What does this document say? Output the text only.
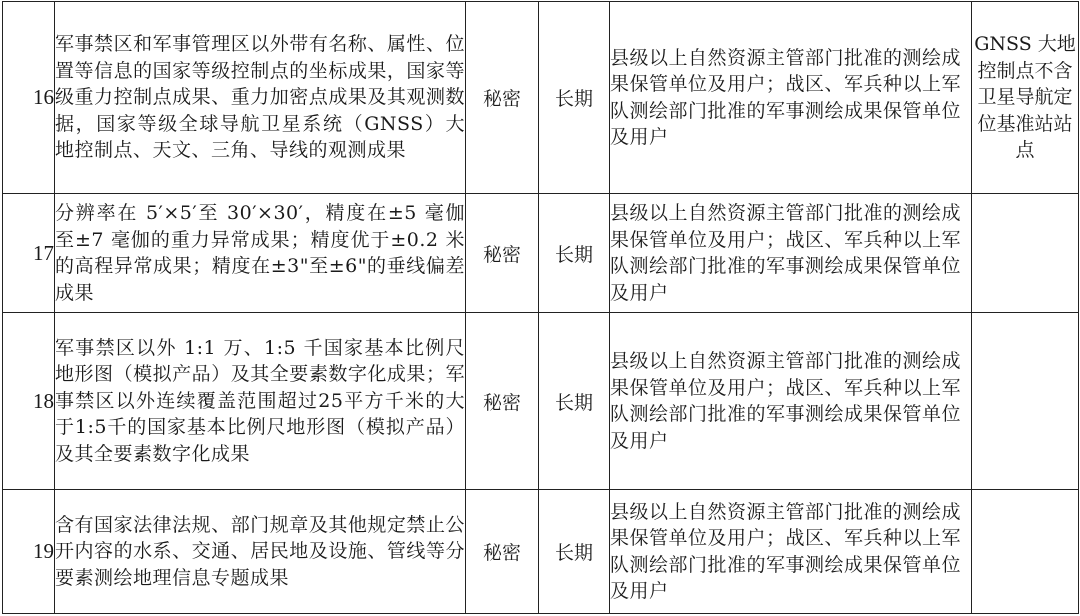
16	军事禁区和军事管理区以外带有名称、属性、位置等信息的国家等级控制点的坐标成果，国家等级重力控制点成果、重力加密点成果及其观测数据，国家等级全球导航卫星系统（GNSS）大地控制点、天文、三角、导线的观测成果	秘密	长期	县级以上自然资源主管部门批准的测绘成果保管单位及用户；战区、军兵种以上军队测绘部门批准的军事测绘成果保管单位及用户	GNSS 大地控制点不含卫星导航定位基准站站点
17	分辨率在 5′×5′至 30′×30′，精度在±5 毫伽至±7 毫伽的重力异常成果；精度优于±0.2 米的高程异常成果；精度在±3"至±6"的垂线偏差成果	秘密	长期	县级以上自然资源主管部门批准的测绘成果保管单位及用户；战区、军兵种以上军队测绘部门批准的军事测绘成果保管单位及用户	
18	军事禁区以外 1:1 万、1:5 千国家基本比例尺地形图（模拟产品）及其全要素数字化成果；军事禁区以外连续覆盖范围超过25平方千米的大于1:5千的国家基本比例尺地形图（模拟产品）及其全要素数字化成果	秘密	长期	县级以上自然资源主管部门批准的测绘成果保管单位及用户；战区、军兵种以上军队测绘部门批准的军事测绘成果保管单位及用户	
19	含有国家法律法规、部门规章及其他规定禁止公开内容的水系、交通、居民地及设施、管线等分要素测绘地理信息专题成果	秘密	长期	县级以上自然资源主管部门批准的测绘成果保管单位及用户；战区、军兵种以上军队测绘部门批准的军事测绘成果保管单位及用户	
